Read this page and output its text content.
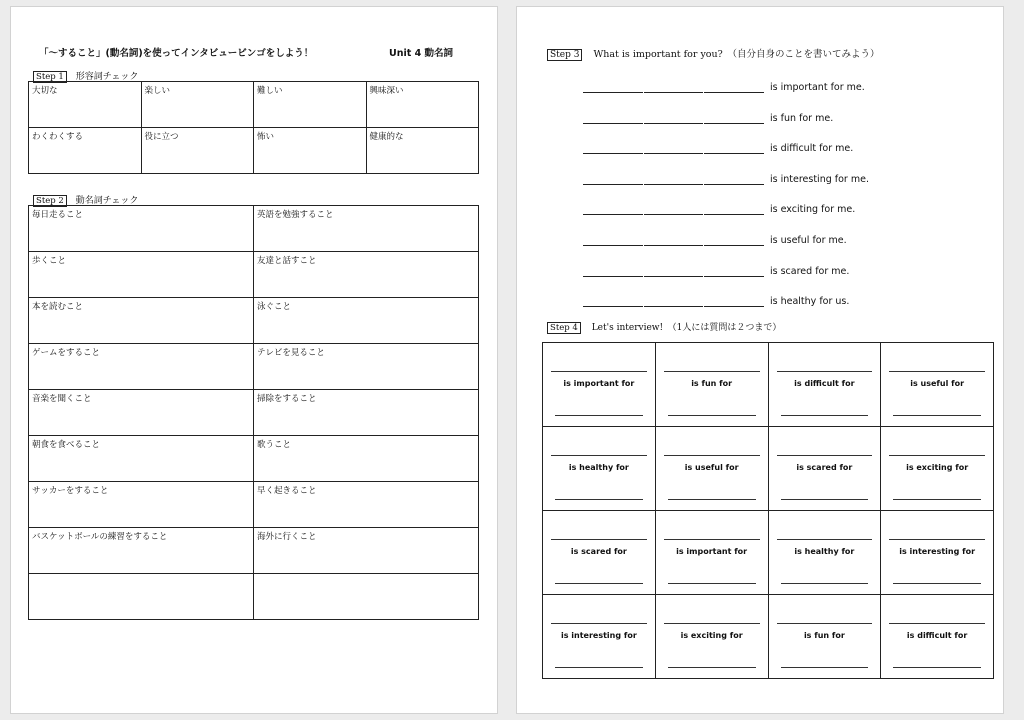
「～すること」(動名詞)を使ってインタビュービンゴをしよう！	Unit 4 動名詞
Step 1 形容詞チェック
大切な	楽しい	難しい	興味深い
わくわくする	役に立つ	怖い	健康的な
Step 2 動名詞チェック
毎日走ること	英語を勉強すること
歩くこと	友達と話すこと
本を読むこと	泳ぐこと
ゲームをすること	テレビを見ること
音楽を聞くこと	掃除をすること
朝食を食べること	歌うこと
サッカーをすること	早く起きること
バスケットボールの練習をすること	海外に行くこと

Step 3 What is important for you?　（自分自身のことを書いてみよう）
is important for me.
is fun for me.
is difficult for me.
is interesting for me.
is exciting for me.
is useful for me.
is scared for me.
is healthy for us.
Step 4 Let's interview!　（1人には質問は２つまで）
is important for	is fun for	is difficult for	is useful for

is healthy for	is useful for	is scared for	is exciting for

is scared for	is important for	is healthy for	is interesting for

is interesting for	is exciting for	is fun for	is difficult for
